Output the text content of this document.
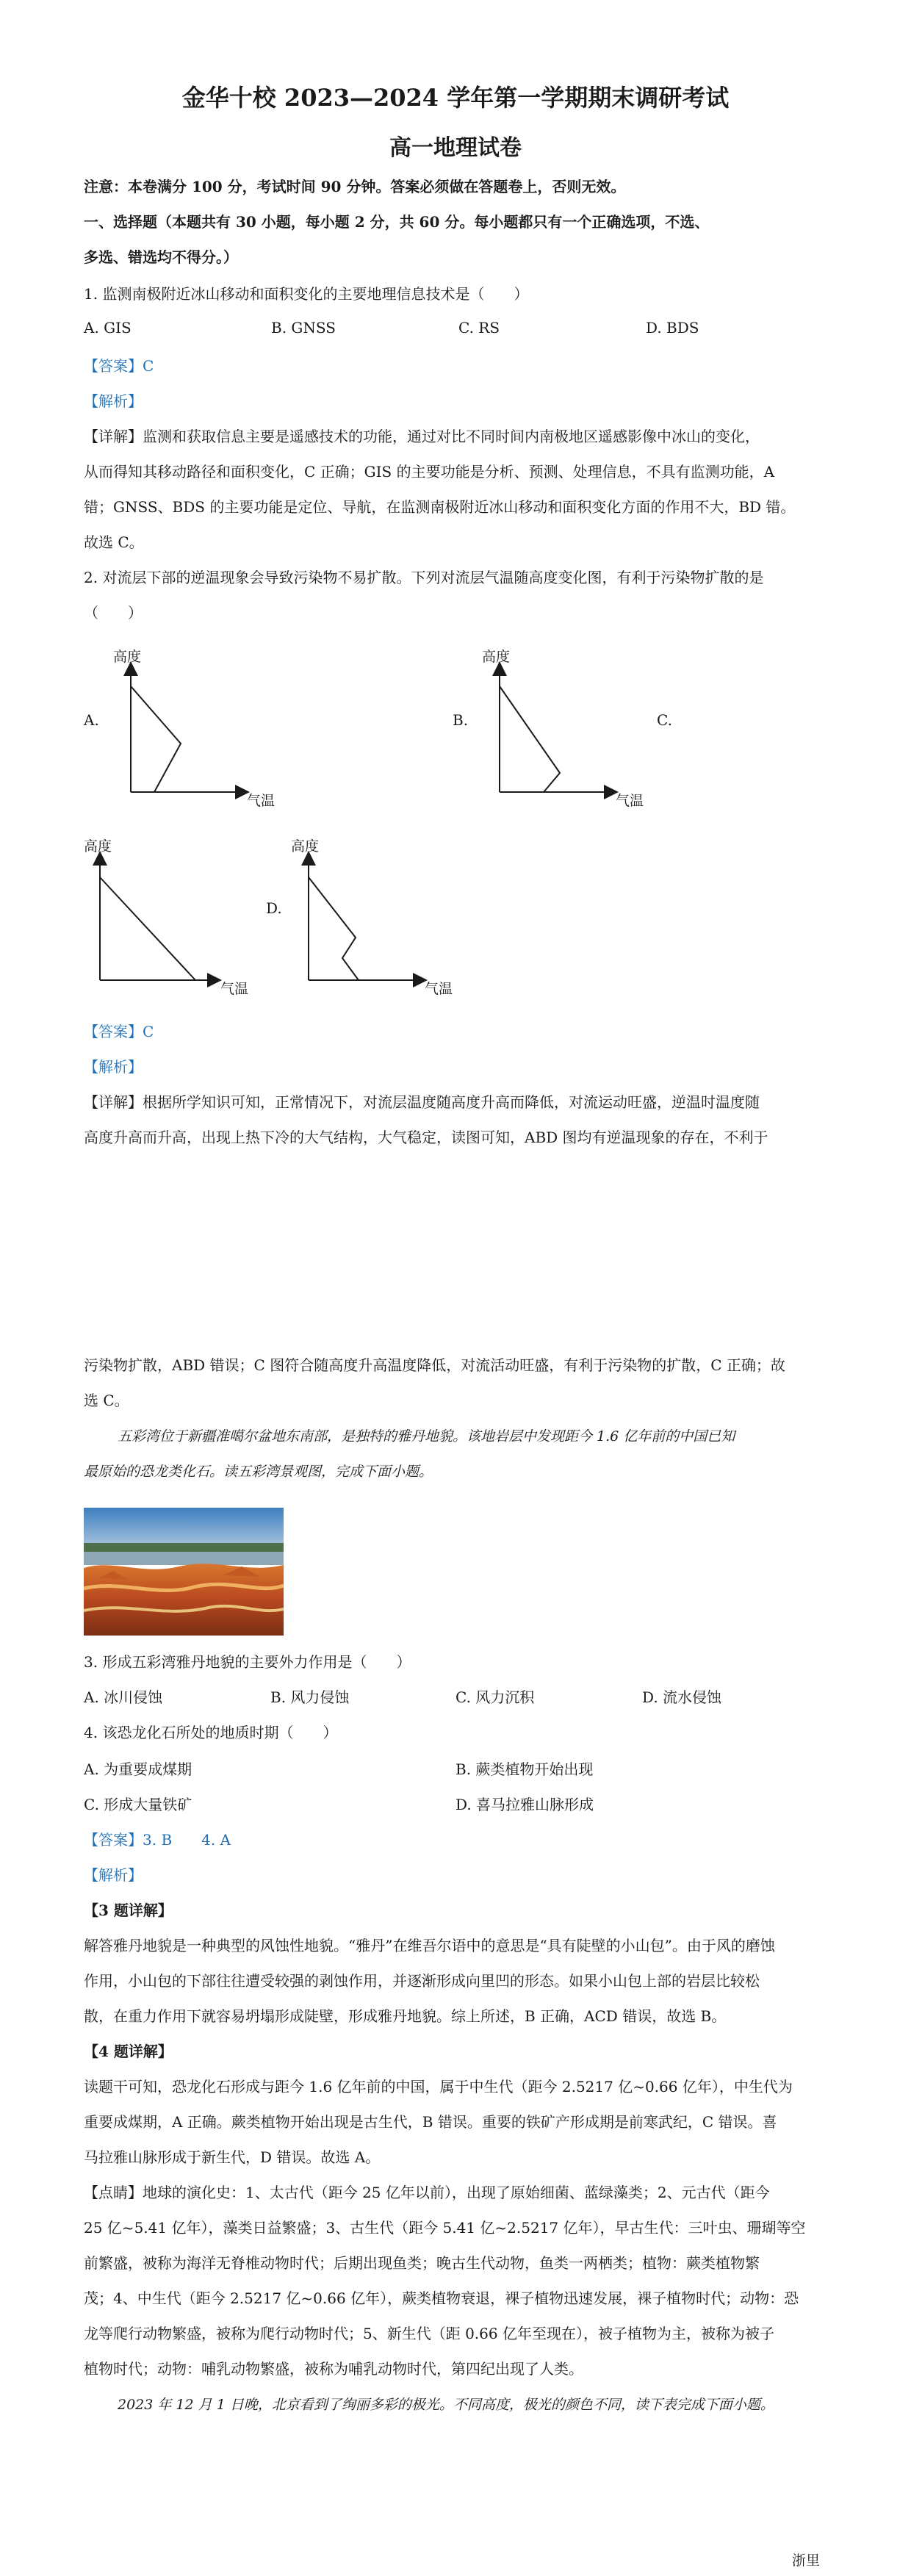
金华十校 2023—2024 学年第一学期期末调研考试
高一地理试卷
注意：本卷满分 100 分，考试时间 90 分钟。答案必须做在答题卷上，否则无效。
一、选择题（本题共有 30 小题，每小题 2 分，共 60 分。每小题都只有一个正确选项，不选、
多选、错选均不得分。）
1. 监测南极附近冰山移动和面积变化的主要地理信息技术是（　　）
A. GIS	B. GNSS	C. RS	D. BDS
【答案】C
【解析】
【详解】监测和获取信息主要是遥感技术的功能，通过对比不同时间内南极地区遥感影像中冰山的变化，
从而得知其移动路径和面积变化，C 正确；GIS 的主要功能是分析、预测、处理信息，不具有监测功能，A
错；GNSS、BDS 的主要功能是定位、导航，在监测南极附近冰山移动和面积变化方面的作用不大，BD 错。
故选 C。
2. 对流层下部的逆温现象会导致污染物不易扩散。下列对流层气温随高度变化图，有利于污染物扩散的是
（　　）
A.
高度
气温
B.
高度
气温
C.
高度
气温
D.
高度
气温
【答案】C
【解析】
【详解】根据所学知识可知，正常情况下，对流层温度随高度升高而降低，对流运动旺盛，逆温时温度随
高度升高而升高，出现上热下冷的大气结构，大气稳定，读图可知，ABD 图均有逆温现象的存在，不利于
污染物扩散，ABD 错误；C 图符合随高度升高温度降低，对流活动旺盛，有利于污染物的扩散，C 正确；故
选 C。
五彩湾位于新疆准噶尔盆地东南部，是独特的雅丹地貌。该地岩层中发现距今 1.6 亿年前的中国已知
最原始的恐龙类化石。读五彩湾景观图，完成下面小题。
3. 形成五彩湾雅丹地貌的主要外力作用是（　　）
A. 冰川侵蚀	B. 风力侵蚀	C. 风力沉积	D. 流水侵蚀
4. 该恐龙化石所处的地质时期（　　）
A. 为重要成煤期	B. 蕨类植物开始出现
C. 形成大量铁矿	D. 喜马拉雅山脉形成
【答案】3. B　　4. A
【解析】
【3 题详解】
解答雅丹地貌是一种典型的风蚀性地貌。“雅丹”在维吾尔语中的意思是“具有陡壁的小山包”。由于风的磨蚀
作用，小山包的下部往往遭受较强的剥蚀作用，并逐渐形成向里凹的形态。如果小山包上部的岩层比较松
散，在重力作用下就容易坍塌形成陡壁，形成雅丹地貌。综上所述，B 正确，ACD 错误，故选 B。
【4 题详解】
读题干可知，恐龙化石形成与距今 1.6 亿年前的中国，属于中生代（距今 2.5217 亿~0.66 亿年），中生代为
重要成煤期，A 正确。蕨类植物开始出现是古生代，B 错误。重要的铁矿产形成期是前寒武纪，C 错误。喜
马拉雅山脉形成于新生代，D 错误。故选 A。
【点睛】地球的演化史：1、太古代（距今 25 亿年以前），出现了原始细菌、蓝绿藻类；2、元古代（距今
25 亿~5.41 亿年），藻类日益繁盛；3、古生代（距今 5.41 亿~2.5217 亿年），早古生代：三叶虫、珊瑚等空
前繁盛，被称为海洋无脊椎动物时代；后期出现鱼类；晚古生代动物，鱼类一两栖类；植物：蕨类植物繁
茂；4、中生代（距今 2.5217 亿~0.66 亿年），蕨类植物衰退，裸子植物迅速发展，裸子植物时代；动物：恐
龙等爬行动物繁盛，被称为爬行动物时代；5、新生代（距 0.66 亿年至现在），被子植物为主，被称为被子
植物时代；动物：哺乳动物繁盛，被称为哺乳动物时代，第四纪出现了人类。
2023 年 12 月 1 日晚，北京看到了绚丽多彩的极光。不同高度，极光的颜色不同，读下表完成下面小题。
浙里
